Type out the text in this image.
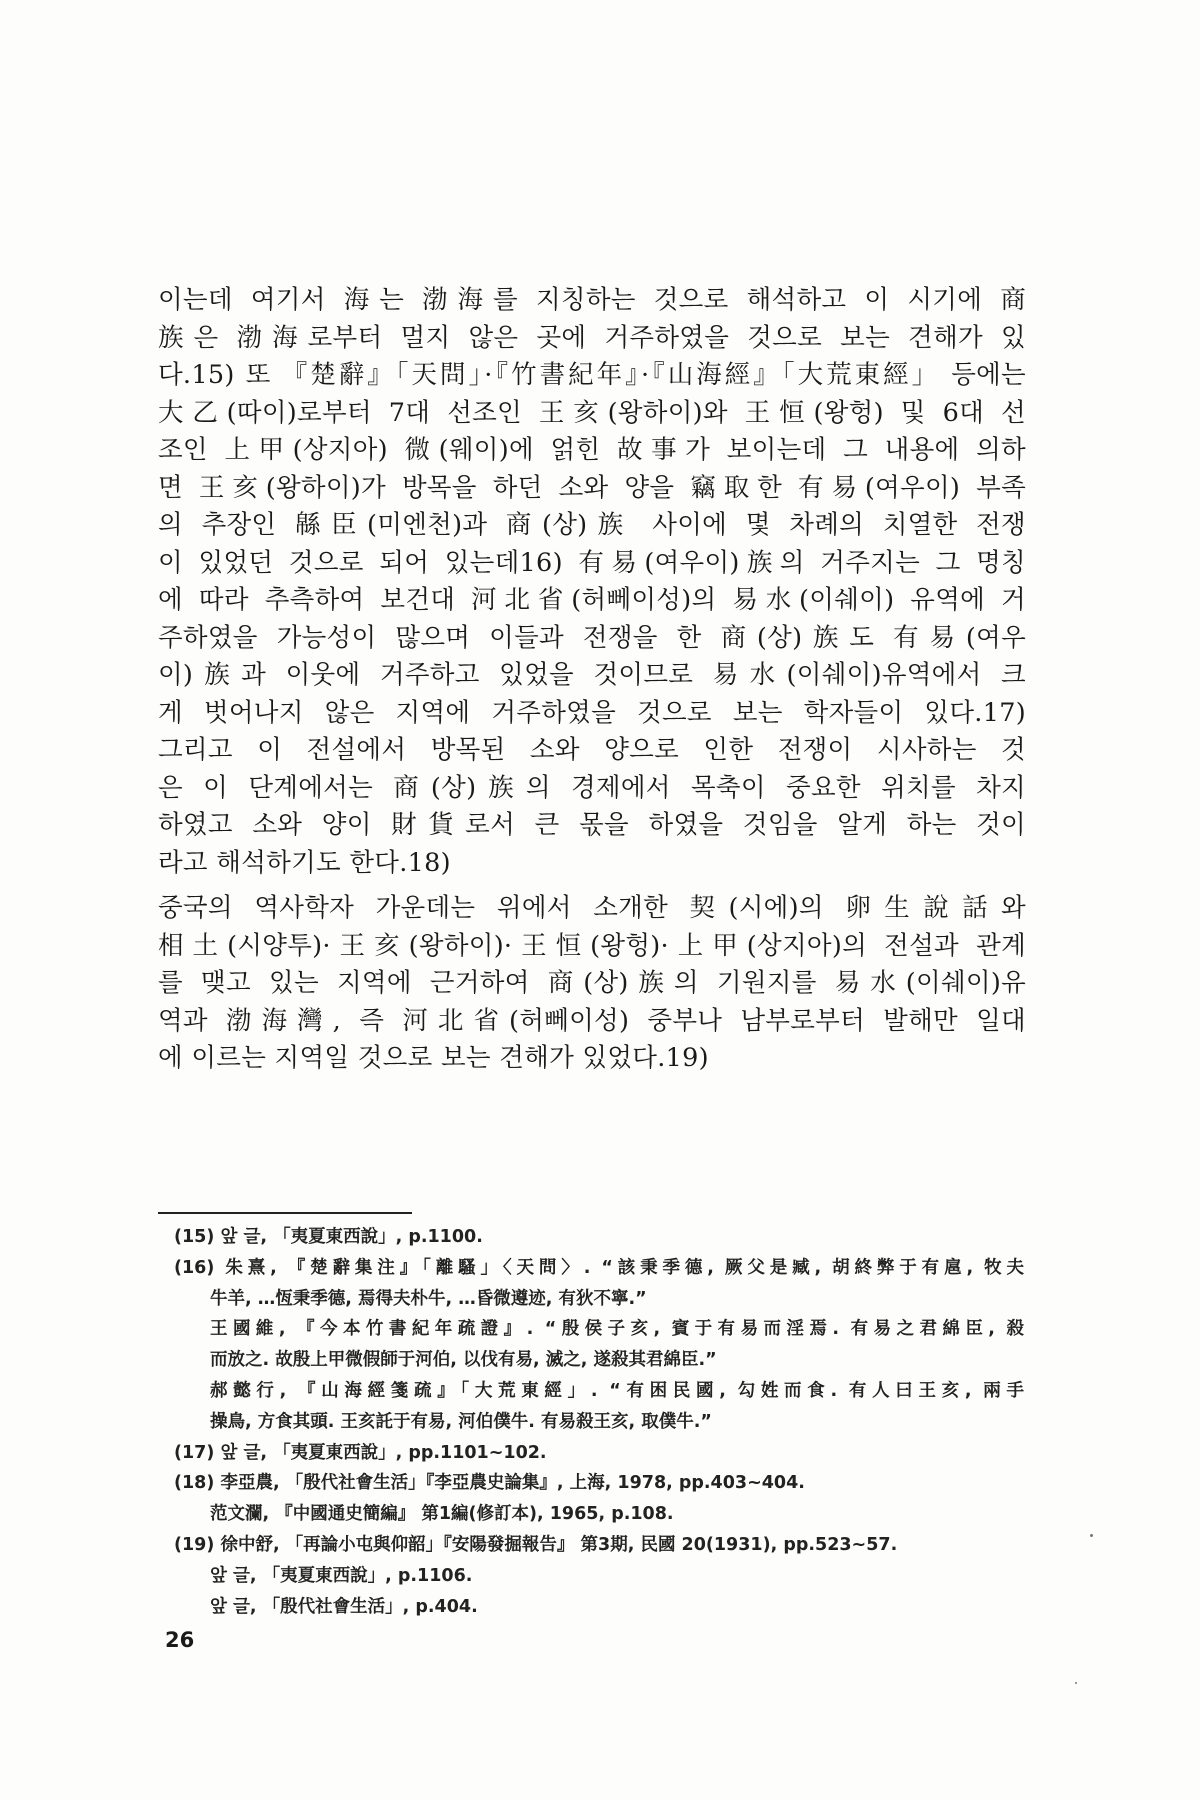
이는데 여기서 海는 渤海를 지칭하는 것으로 해석하고 이 시기에 商
族은 渤海로부터 멀지 않은 곳에 거주하였을 것으로 보는 견해가 있
다.15) 또 『楚辭』「天問」·『竹書紀年』·『山海經』「大荒東經」 등에는
大乙(따이)로부터 7대 선조인 王亥(왕하이)와 王恒(왕헝) 및 6대 선
조인 上甲(상지아) 微(웨이)에 얽힌 故事가 보이는데 그 내용에 의하
면 王亥(왕하이)가 방목을 하던 소와 양을 竊取한 有易(여우이) 부족
의 추장인 緜臣(미엔천)과 商(상)族 사이에 몇 차례의 치열한 전쟁
이 있었던 것으로 되어 있는데16) 有易(여우이)族의 거주지는 그 명칭
에 따라 추측하여 보건대 河北省(허뻬이성)의 易水(이쉐이) 유역에 거
주하였을 가능성이 많으며 이들과 전쟁을 한 商(상)族도 有易(여우
이)族과 이웃에 거주하고 있었을 것이므로 易水(이쉐이)유역에서 크
게 벗어나지 않은 지역에 거주하였을 것으로 보는 학자들이 있다.17)
그리고 이 전설에서 방목된 소와 양으로 인한 전쟁이 시사하는 것
은 이 단계에서는 商(상)族의 경제에서 목축이 중요한 위치를 차지
하였고 소와 양이 財貨로서 큰 몫을 하였을 것임을 알게 하는 것이
라고 해석하기도 한다.18)
중국의 역사학자 가운데는 위에서 소개한 契(시에)의 卵生說話와
相土(시양투)·王亥(왕하이)·王恒(왕헝)·上甲(상지아)의 전설과 관계
를 맺고 있는 지역에 근거하여 商(상)族의 기원지를 易水(이쉐이)유
역과 渤海灣, 즉 河北省(허뻬이성) 중부나 남부로부터 발해만 일대
에 이르는 지역일 것으로 보는 견해가 있었다.19)
(15) 앞 글, 「夷夏東西說」, p.1100.
(16) 朱熹, 『楚辭集注』「離騷」〈天問〉. “該秉季德, 厥父是臧, 胡終弊于有扈, 牧夫
牛羊, …恆秉季德, 焉得夫朴牛, …昏微遵迹, 有狄不寧.”
王國維, 『今本竹書紀年疏證』. “殷侯子亥, 賓于有易而淫焉. 有易之君綿臣, 殺
而放之. 故殷上甲微假師于河伯, 以伐有易, 滅之, 遂殺其君綿臣.”
郝懿行, 『山海經箋疏』「大荒東經」. “有困民國, 勾姓而食. 有人曰王亥, 兩手
操鳥, 方食其頭. 王亥託于有易, 河伯僕牛. 有易殺王亥, 取僕牛.”
(17) 앞 글, 「夷夏東西說」, pp.1101~102.
(18) 李亞農, 「殷代社會生活」『李亞農史論集』, 上海, 1978, pp.403~404.
范文瀾, 『中國通史簡編』 第1編(修訂本), 1965, p.108.
(19) 徐中舒, 「再論小屯與仰韶」『安陽發掘報告』 第3期, 民國 20(1931), pp.523~57.
앞 글, 「夷夏東西說」, p.1106.
앞 글, 「殷代社會生活」, p.404.
26
